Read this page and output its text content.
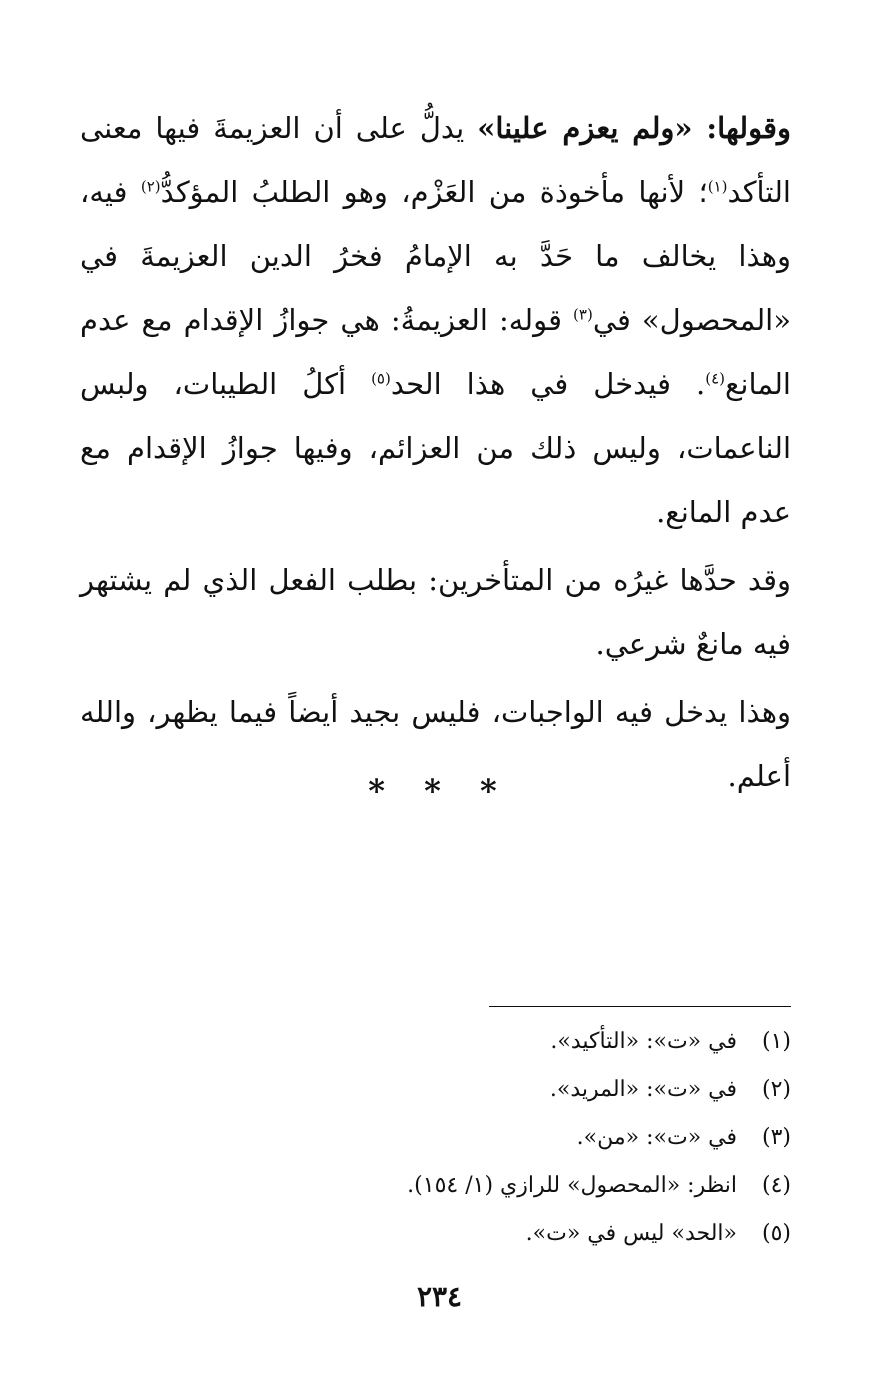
وقولها: «ولم يعزم علينا» يدلُّ على أن العزيمةَ فيها معنى التأكد$^{(١)}$؛ لأنها مأخوذة من العَزْم، وهو الطلبُ المؤكدُّ$^{(٢)}$ فيه، وهذا يخالف ما حَدَّ به الإمامُ فخرُ الدين العزيمةَ في «المحصول» في$^{(٣)}$ قوله: العزيمةُ: هي جوازُ الإقدام مع عدم المانع$^{(٤)}$. فيدخل في هذا الحد$^{(٥)}$ أكلُ الطيبات، ولبس الناعمات، وليس ذلك من العزائم، وفيها جوازُ الإقدام مع عدم المانع.

وقد حدَّها غيرُه من المتأخرين: بطلب الفعل الذي لم يشتهر فيه مانعٌ شرعي.

وهذا يدخل فيه الواجبات، فليس بجيد أيضاً فيما يظهر، والله أعلم.

* * *
(١)في «ت»: «التأكيد».
(٢)في «ت»: «المريد».
(٣)في «ت»: «من».
(٤)انظر: «المحصول» للرازي (١/ ١٥٤).
(٥)«الحد» ليس في «ت».
٢٣٤
